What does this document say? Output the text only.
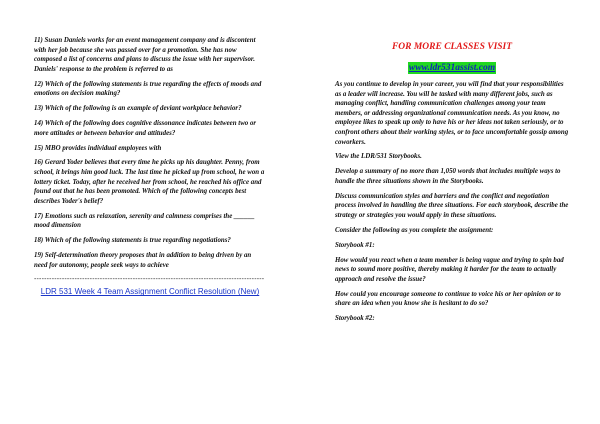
11) Susan Daniels works for an event management company and is discontent with her job because she was passed over for a promotion. She has now composed a list of concerns and plans to discuss the issue with her supervisor. Daniels' response to the problem is referred to as

12) Which of the following statements is true regarding the effects of moods and emotions on decision making?

13) Which of the following is an example of deviant workplace behavior?

14) Which of the following does cognitive dissonance indicates between two or more attitudes or between behavior and attitudes?

15) MBO provides individual employees with

16) Gerard Yoder believes that every time he picks up his daughter. Penny, from school, it brings him good luck. The last time he picked up from school, he won a lottery ticket. Today, after he received her from school, he reached his office and found out that he has been promoted. Which of the following concepts best describes Yoder's belief?

17) Emotions such as relaxation, serenity and calmness comprises the ______ mood dimension

18) Which of the following statements is true regarding negotiations?

19) Self-determination theory proposes that in addition to being driven by an need for autonomy, people seek ways to achieve

-------------------------------------------------------------------------------------------
LDR 531 Week 4 Team Assignment Conflict Resolution (New)
FOR MORE CLASSES VISIT
www.ldr531assist.com

As you continue to develop in your career, you will find that your responsibilities as a leader will increase. You will be tasked with many different jobs, such as managing conflict, handling communication challenges among your team members, or addressing organizational communication needs. As you know, no employee likes to speak up only to have his or her ideas not taken seriously, or to confront others about their working styles, or to face uncomfortable gossip among coworkers.

View the LDR/531 Storybooks.

Develop a summary of no more than 1,050 words that includes multiple ways to handle the three situations shown in the Storybooks.

Discuss communication styles and barriers and the conflict and negotiation process involved in handling the three situations. For each storybook, describe the strategy or strategies you would apply in these situations.

Consider the following as you complete the assignment:

Storybook #1:

How would you react when a team member is being vague and trying to spin bad news to sound more positive, thereby making it harder for the team to actually approach and resolve the issue?

How could you encourage someone to continue to voice his or her opinion or to share an idea when you know she is hesitant to do so?

Storybook #2:
